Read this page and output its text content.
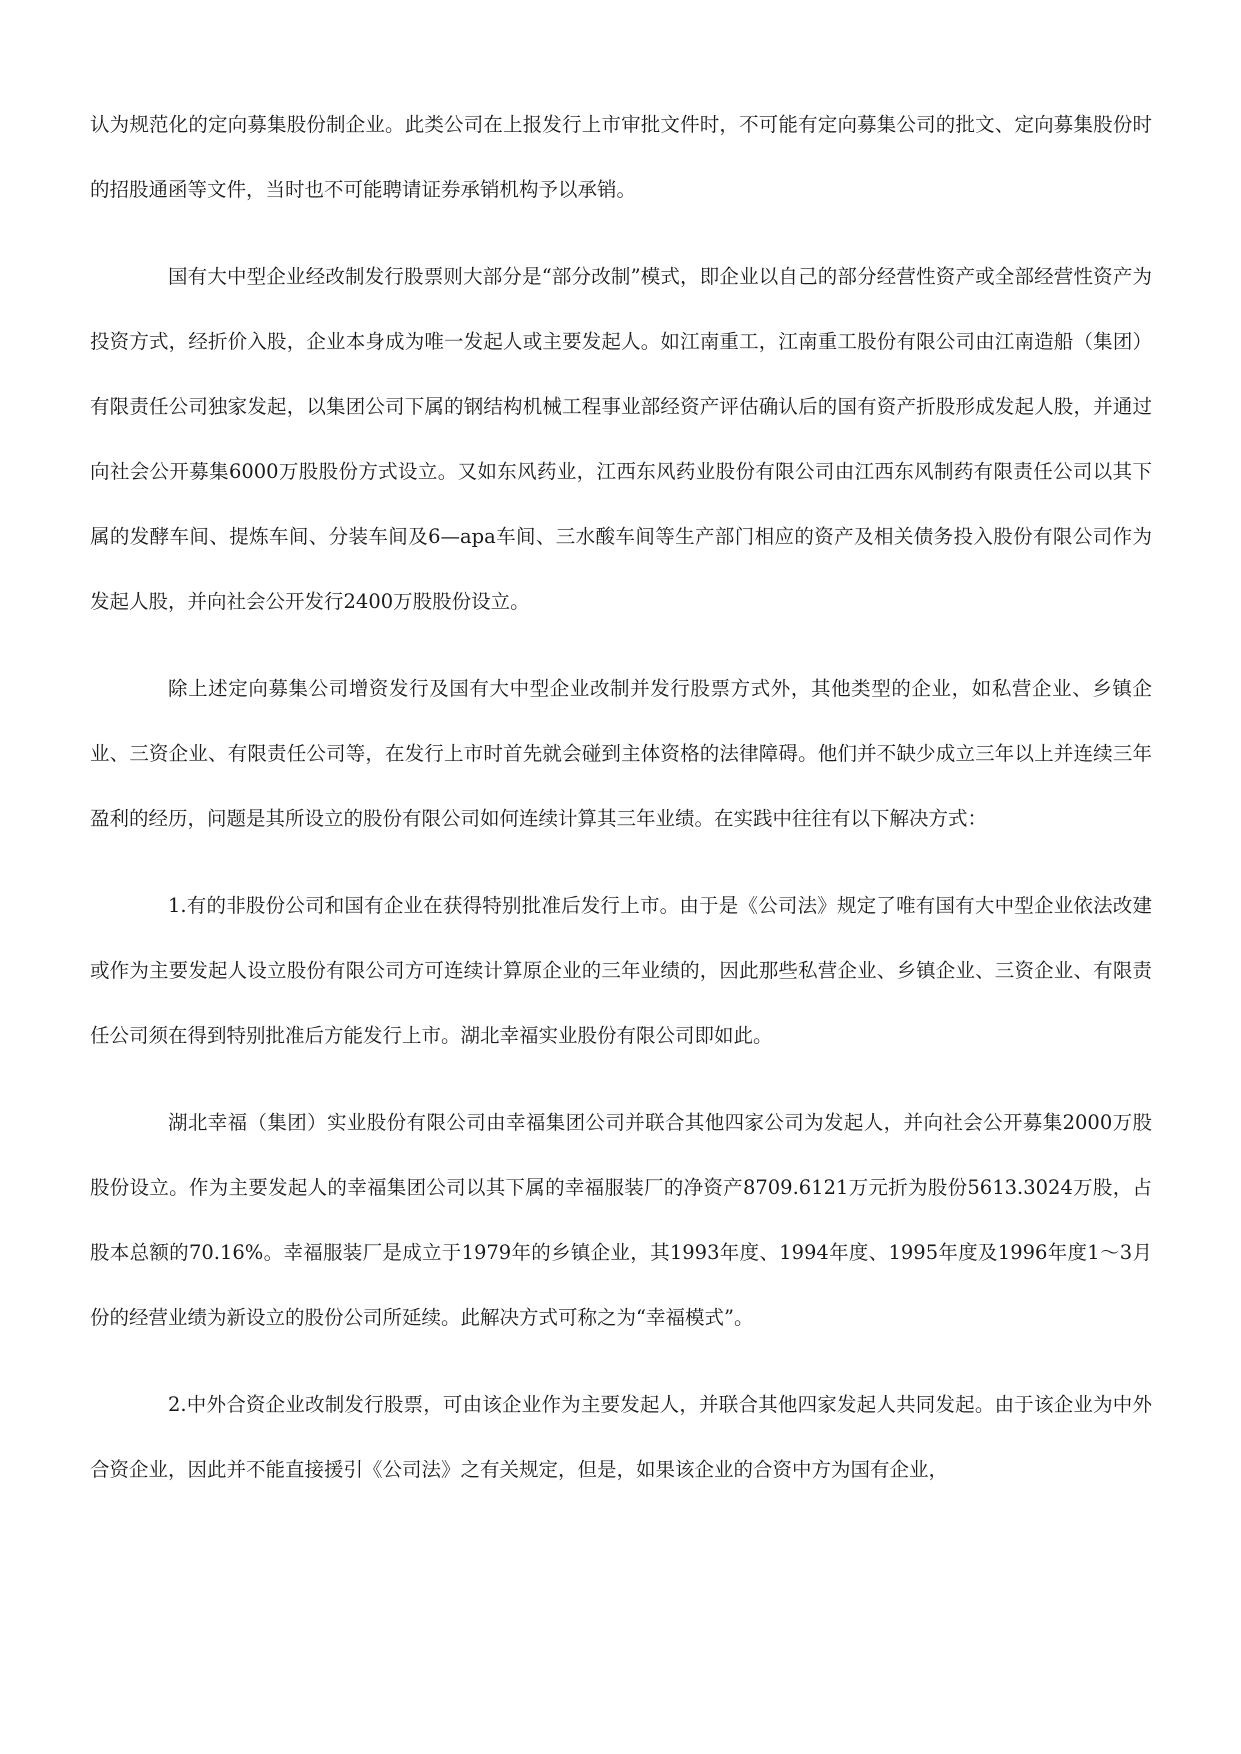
认为规范化的定向募集股份制企业。此类公司在上报发行上市审批文件时，不可能有定向募集公司的批文、定向募集股份时的招股通函等文件，当时也不可能聘请证券承销机构予以承销。

国有大中型企业经改制发行股票则大部分是“部分改制”模式，即企业以自己的部分经营性资产或全部经营性资产为投资方式，经折价入股，企业本身成为唯一发起人或主要发起人。如江南重工，江南重工股份有限公司由江南造船（集团）有限责任公司独家发起，以集团公司下属的钢结构机械工程事业部经资产评估确认后的国有资产折股形成发起人股，并通过向社会公开募集6000万股股份方式设立。又如东风药业，江西东风药业股份有限公司由江西东风制药有限责任公司以其下属的发酵车间、提炼车间、分装车间及6—apa车间、三水酸车间等生产部门相应的资产及相关债务投入股份有限公司作为发起人股，并向社会公开发行2400万股股份设立。

除上述定向募集公司增资发行及国有大中型企业改制并发行股票方式外，其他类型的企业，如私营企业、乡镇企业、三资企业、有限责任公司等，在发行上市时首先就会碰到主体资格的法律障碍。他们并不缺少成立三年以上并连续三年盈利的经历，问题是其所设立的股份有限公司如何连续计算其三年业绩。在实践中往往有以下解决方式：

1.有的非股份公司和国有企业在获得特别批准后发行上市。由于是《公司法》规定了唯有国有大中型企业依法改建或作为主要发起人设立股份有限公司方可连续计算原企业的三年业绩的，因此那些私营企业、乡镇企业、三资企业、有限责任公司须在得到特别批准后方能发行上市。湖北幸福实业股份有限公司即如此。

湖北幸福（集团）实业股份有限公司由幸福集团公司并联合其他四家公司为发起人，并向社会公开募集2000万股股份设立。作为主要发起人的幸福集团公司以其下属的幸福服装厂的净资产8709.6121万元折为股份5613.3024万股，占股本总额的70.16%。幸福服装厂是成立于1979年的乡镇企业，其1993年度、1994年度、1995年度及1996年度1～3月份的经营业绩为新设立的股份公司所延续。此解决方式可称之为“幸福模式”。

2.中外合资企业改制发行股票，可由该企业作为主要发起人，并联合其他四家发起人共同发起。由于该企业为中外合资企业，因此并不能直接援引《公司法》之有关规定，但是，如果该企业的合资中方为国有企业，
